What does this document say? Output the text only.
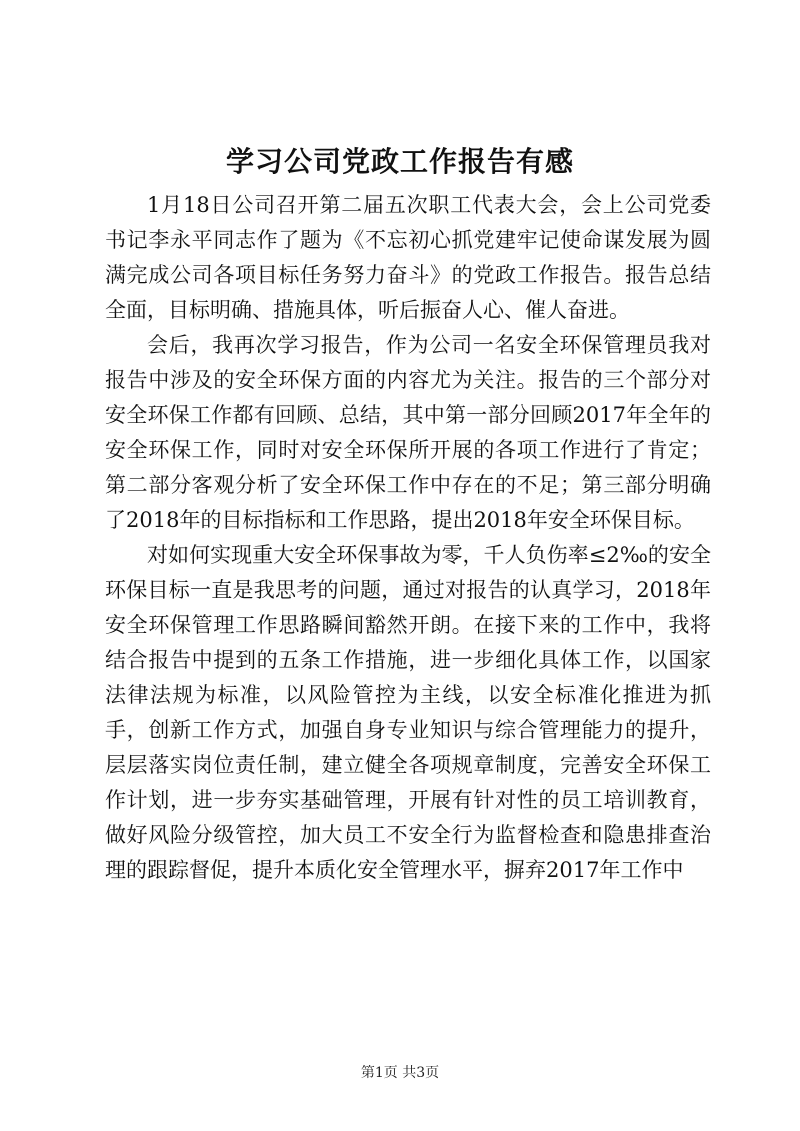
学习公司党政工作报告有感

1月18日公司召开第二届五次职工代表大会，会上公司党委书记李永平同志作了题为《不忘初心抓党建牢记使命谋发展为圆满完成公司各项目标任务努力奋斗》的党政工作报告。报告总结全面，目标明确、措施具体，听后振奋人心、催人奋进。

会后，我再次学习报告，作为公司一名安全环保管理员我对报告中涉及的安全环保方面的内容尤为关注。报告的三个部分对安全环保工作都有回顾、总结，其中第一部分回顾2017年全年的安全环保工作，同时对安全环保所开展的各项工作进行了肯定；第二部分客观分析了安全环保工作中存在的不足；第三部分明确了2018年的目标指标和工作思路，提出2018年安全环保目标。

对如何实现重大安全环保事故为零，千人负伤率≤2‰的安全环保目标一直是我思考的问题，通过对报告的认真学习，2018年安全环保管理工作思路瞬间豁然开朗。在接下来的工作中，我将结合报告中提到的五条工作措施，进一步细化具体工作，以国家法律法规为标准，以风险管控为主线，以安全标准化推进为抓手，创新工作方式，加强自身专业知识与综合管理能力的提升，层层落实岗位责任制，建立健全各项规章制度，完善安全环保工作计划，进一步夯实基础管理，开展有针对性的员工培训教育，做好风险分级管控，加大员工不安全行为监督检查和隐患排查治理的跟踪督促，提升本质化安全管理水平，摒弃2017年工作中

第1页 共3页
